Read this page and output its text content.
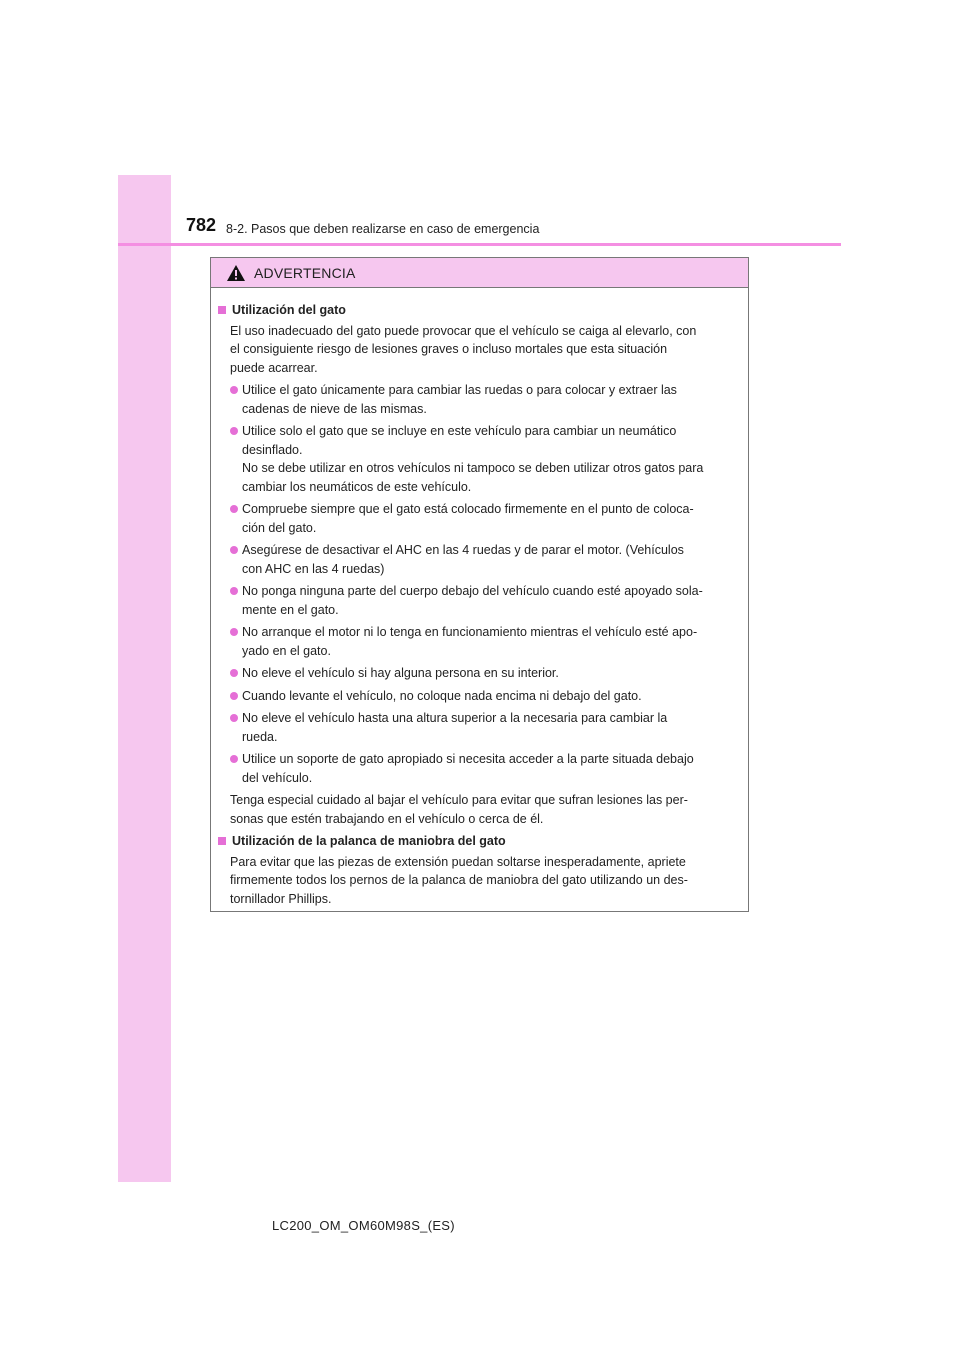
782 8-2. Pasos que deben realizarse en caso de emergencia
ADVERTENCIA
Utilización del gato
El uso inadecuado del gato puede provocar que el vehículo se caiga al elevarlo, con
el consiguiente riesgo de lesiones graves o incluso mortales que esta situación
puede acarrear.
Utilice el gato únicamente para cambiar las ruedas o para colocar y extraer las
cadenas de nieve de las mismas.
Utilice solo el gato que se incluye en este vehículo para cambiar un neumático
desinflado.
No se debe utilizar en otros vehículos ni tampoco se deben utilizar otros gatos para
cambiar los neumáticos de este vehículo.
Compruebe siempre que el gato está colocado firmemente en el punto de coloca-
ción del gato.
Asegúrese de desactivar el AHC en las 4 ruedas y de parar el motor. (Vehículos
con AHC en las 4 ruedas)
No ponga ninguna parte del cuerpo debajo del vehículo cuando esté apoyado sola-
mente en el gato.
No arranque el motor ni lo tenga en funcionamiento mientras el vehículo esté apo-
yado en el gato.
No eleve el vehículo si hay alguna persona en su interior.
Cuando levante el vehículo, no coloque nada encima ni debajo del gato.
No eleve el vehículo hasta una altura superior a la necesaria para cambiar la
rueda.
Utilice un soporte de gato apropiado si necesita acceder a la parte situada debajo
del vehículo.
Tenga especial cuidado al bajar el vehículo para evitar que sufran lesiones las per-
sonas que estén trabajando en el vehículo o cerca de él.
Utilización de la palanca de maniobra del gato
Para evitar que las piezas de extensión puedan soltarse inesperadamente, apriete
firmemente todos los pernos de la palanca de maniobra del gato utilizando un des-
tornillador Phillips.
LC200_OM_OM60M98S_(ES)
